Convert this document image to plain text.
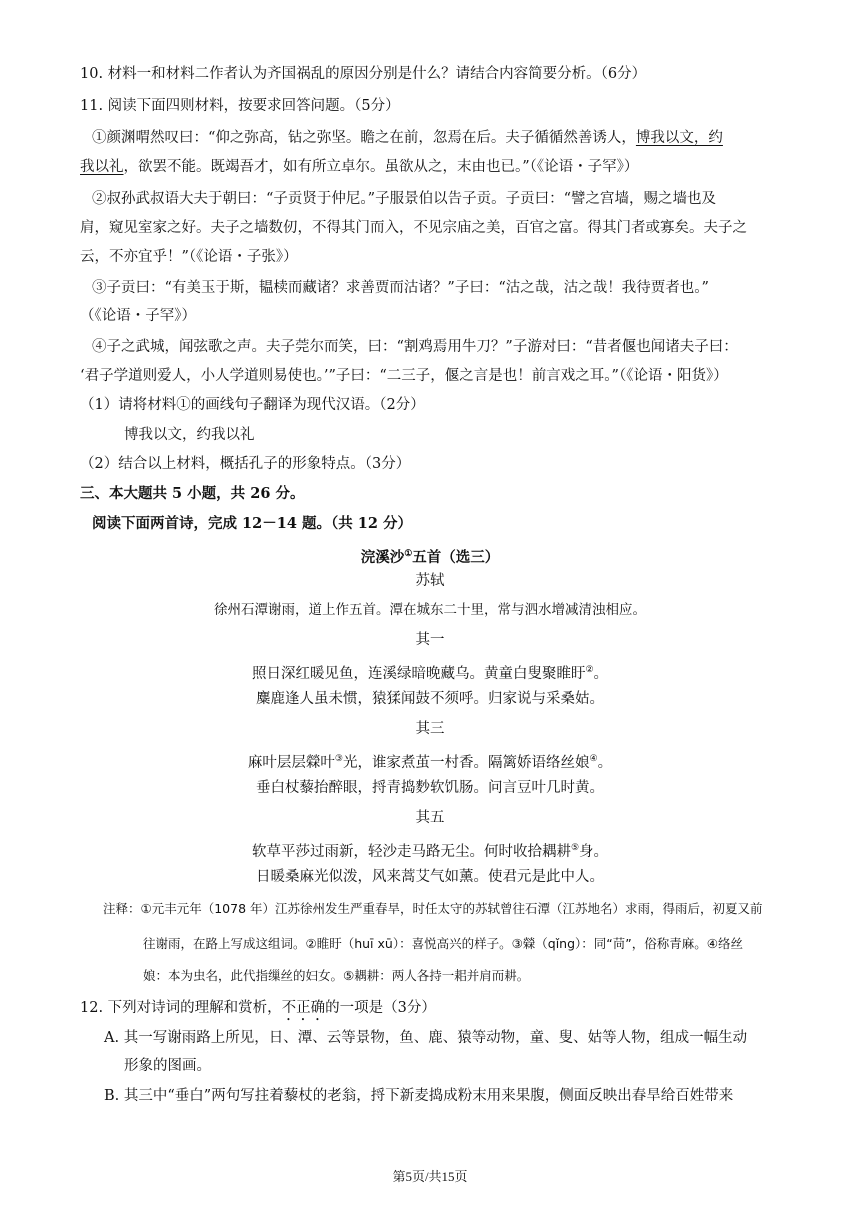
10. 材料一和材料二作者认为齐国祸乱的原因分别是什么？请结合内容简要分析。（6分）
11. 阅读下面四则材料，按要求回答问题。（5分）
①颜渊喟然叹曰：“仰之弥高，钻之弥坚。瞻之在前，忽焉在后。夫子循循然善诱人，博我以文，约
我以礼，欲罢不能。既竭吾才，如有所立卓尔。虽欲从之，末由也已。”（《论语・子罕》）
②叔孙武叔语大夫于朝曰：“子贡贤于仲尼。”子服景伯以告子贡。子贡曰：“譬之宫墙，赐之墙也及
肩，窥见室家之好。夫子之墙数仞，不得其门而入，不见宗庙之美，百官之富。得其门者或寡矣。夫子之
云，不亦宜乎！”（《论语・子张》）
③子贡曰：“有美玉于斯，韫椟而藏诸？求善贾而沽诸？”子曰：“沽之哉，沽之哉！我待贾者也。”
（《论语・子罕》）
④子之武城，闻弦歌之声。夫子莞尔而笑，曰：“割鸡焉用牛刀？”子游对曰：“昔者偃也闻诸夫子曰：
‘君子学道则爱人，小人学道则易使也。’”子曰：“二三子，偃之言是也！前言戏之耳。”（《论语・阳货》）
（1）请将材料①的画线句子翻译为现代汉语。（2分）
博我以文，约我以礼
（2）结合以上材料，概括孔子的形象特点。（3分）
三、本大题共 5 小题，共 26 分。
阅读下面两首诗，完成 12－14 题。（共 12 分）
浣溪沙①五首（选三）
苏轼
徐州石潭谢雨，道上作五首。潭在城东二十里，常与泗水增减清浊相应。
其一
照日深红暖见鱼，连溪绿暗晚藏乌。黄童白叟聚睢盱②。
麋鹿逢人虽未惯，猿猱闻鼓不须呼。归家说与采桑姑。
其三
麻叶层层檾叶③光，谁家煮茧一村香。隔篱娇语络丝娘④。
垂白杖藜抬醉眼，捋青捣麨软饥肠。问言豆叶几时黄。
其五
软草平莎过雨新，轻沙走马路无尘。何时收拾耦耕⑤身。
日暖桑麻光似泼，风来蒿艾气如薰。使君元是此中人。
注释：①元丰元年（1078 年）江苏徐州发生严重春旱，时任太守的苏轼曾往石潭（江苏地名）求雨，得雨后，初夏又前
往谢雨，在路上写成这组词。②睢盱（huī xū）：喜悦高兴的样子。③檾（qǐng）：同“苘”，俗称青麻。④络丝
娘：本为虫名，此代指缫丝的妇女。⑤耦耕：两人各持一耜并肩而耕。
12. 下列对诗词的理解和赏析，不正确的一项是（3分）
A. 其一写谢雨路上所见，日、潭、云等景物，鱼、鹿、猿等动物，童、叟、姑等人物，组成一幅生动
形象的图画。
B. 其三中“垂白”两句写拄着藜杖的老翁，捋下新麦捣成粉末用来果腹，侧面反映出春旱给百姓带来
第5页/共15页
